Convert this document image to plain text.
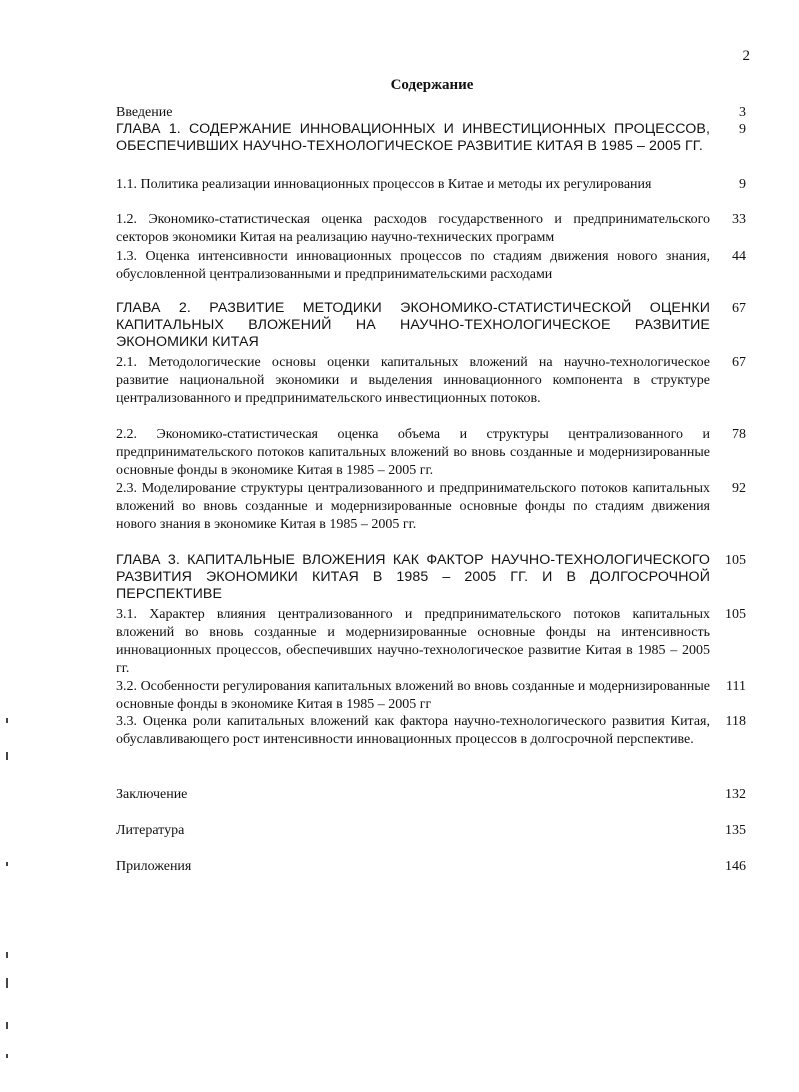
2
Содержание
Введение	3
ГЛАВА 1. СОДЕРЖАНИЕ ИННОВАЦИОННЫХ И ИНВЕСТИЦИОННЫХ ПРОЦЕССОВ, ОБЕСПЕЧИВШИХ НАУЧНО-ТЕХНОЛОГИЧЕСКОЕ РАЗВИТИЕ КИТАЯ В 1985 – 2005 ГГ.
9
1.1. Политика реализации инновационных процессов в Китае и методы их регулирования	9
1.2. Экономико-статистическая оценка расходов государственного и предпринимательского секторов экономики Китая на реализацию научно-технических программ
33
1.3. Оценка интенсивности инновационных процессов по стадиям движения нового знания, обусловленной централизованными и предпринимательскими расходами
44
ГЛАВА 2. РАЗВИТИЕ МЕТОДИКИ ЭКОНОМИКО-СТАТИСТИЧЕСКОЙ ОЦЕНКИ КАПИТАЛЬНЫХ ВЛОЖЕНИЙ НА НАУЧНО-ТЕХНОЛОГИЧЕСКОЕ РАЗВИТИЕ ЭКОНОМИКИ КИТАЯ
67
2.1. Методологические основы оценки капитальных вложений на научно-технологическое развитие национальной экономики и выделения инновационного компонента в структуре централизованного и предпринимательского инвестиционных потоков.
67
2.2. Экономико-статистическая оценка объема и структуры централизованного и предпринимательского потоков капитальных вложений во вновь созданные и модернизированные основные фонды в экономике Китая в 1985 – 2005 гг.
78
2.3. Моделирование структуры централизованного и предпринимательского потоков капитальных вложений во вновь созданные и модернизированные основные фонды по стадиям движения нового знания в экономике Китая в 1985 – 2005 гг.
92
ГЛАВА 3. КАПИТАЛЬНЫЕ ВЛОЖЕНИЯ КАК ФАКТОР НАУЧНО-ТЕХНОЛОГИЧЕСКОГО РАЗВИТИЯ ЭКОНОМИКИ КИТАЯ В 1985 – 2005 ГГ. И В ДОЛГОСРОЧНОЙ ПЕРСПЕКТИВЕ
105
3.1. Характер влияния централизованного и предпринимательского потоков капитальных вложений во вновь созданные и модернизированные основные фонды на интенсивность инновационных процессов, обеспечивших научно-технологическое развитие Китая в 1985 – 2005 гг.
105
3.2. Особенности регулирования капитальных вложений во вновь созданные и модернизированные основные фонды в экономике Китая в 1985 – 2005 гг
111
3.3. Оценка роли капитальных вложений как фактора научно-технологического развития Китая, обуславливающего рост интенсивности инновационных процессов в долгосрочной перспективе.
118
Заключение	132
Литература	135
Приложения	146
